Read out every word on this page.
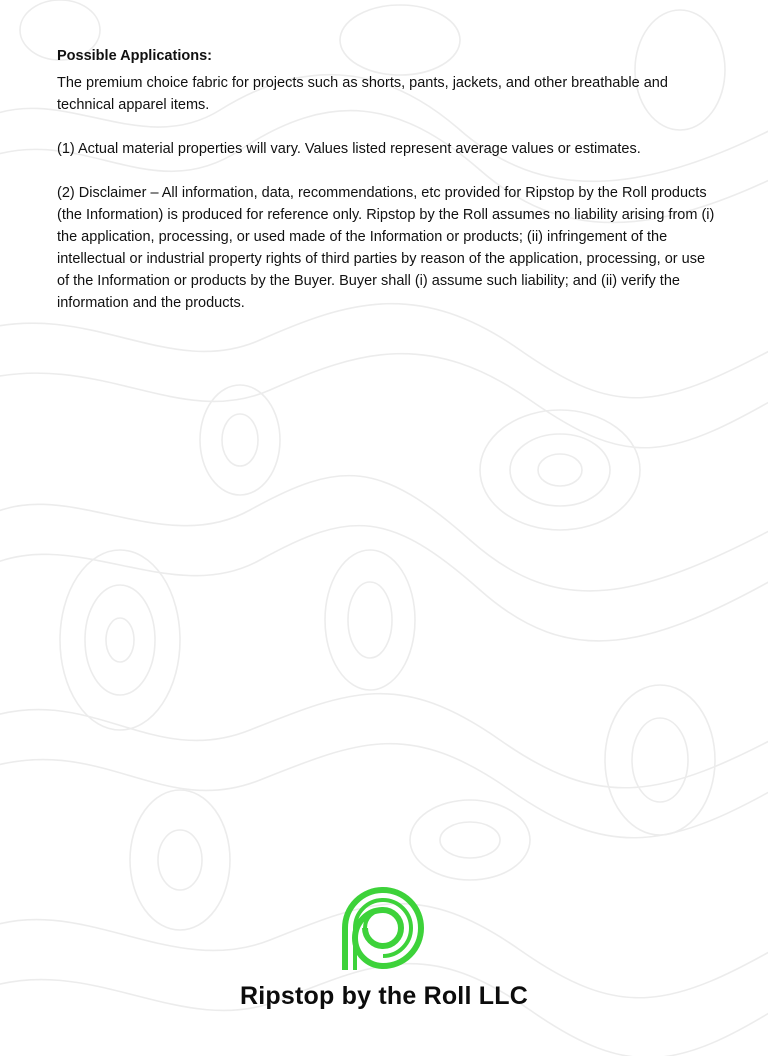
Possible Applications:

The premium choice fabric for projects such as shorts, pants, jackets, and other breathable and technical apparel items.

(1) Actual material properties will vary. Values listed represent average values or estimates.

(2) Disclaimer – All information, data, recommendations, etc provided for Ripstop by the Roll products (the Information) is produced for reference only. Ripstop by the Roll assumes no liability arising from (i) the application, processing, or used made of the Information or products; (ii) infringement of the intellectual or industrial property rights of third parties by reason of the application, processing, or use of the Information or products by the Buyer. Buyer shall (i) assume such liability; and (ii) verify the information and the products.

Ripstop by the Roll LLC
